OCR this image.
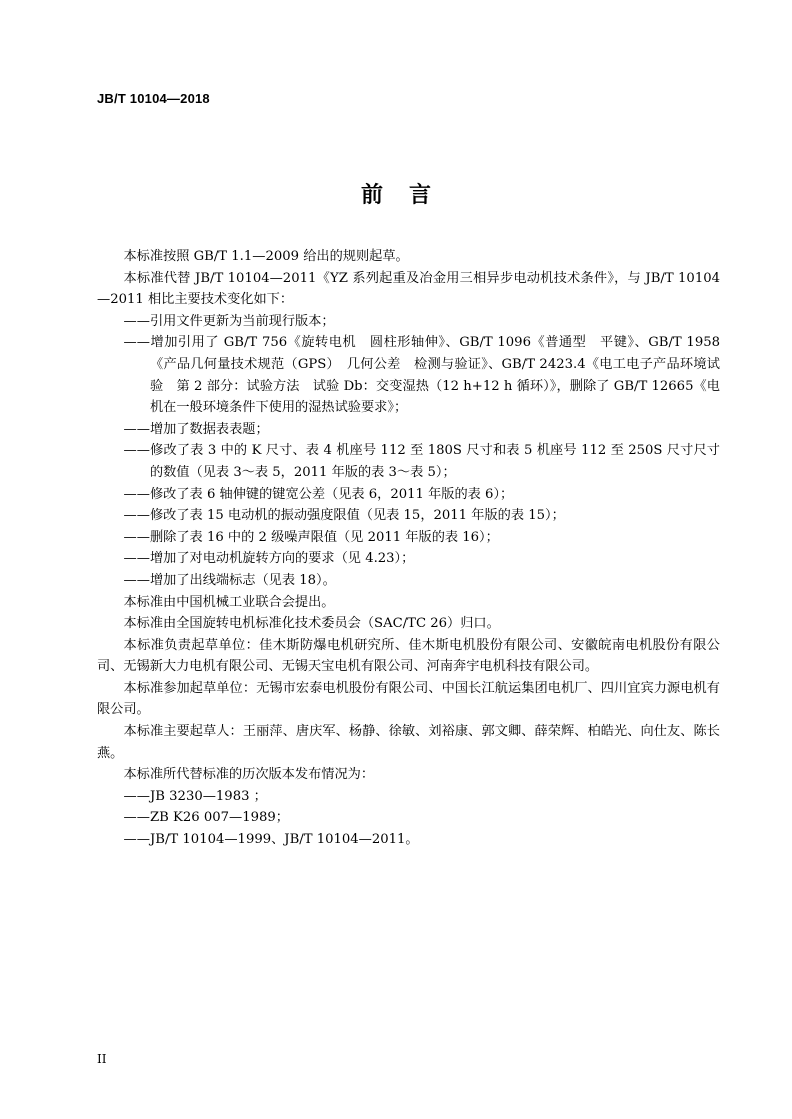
JB/T 10104—2018
前言

本标准按照 GB/T 1.1—2009 给出的规则起草。

本标准代替 JB/T 10104—2011《YZ 系列起重及冶金用三相异步电动机技术条件》，与 JB/T 10104—2011 相比主要技术变化如下：

——引用文件更新为当前现行版本；

——增加引用了 GB/T 756《旋转电机　圆柱形轴伸》、GB/T 1096《普通型　平键》、GB/T 1958《产品几何量技术规范（GPS）　几何公差　检测与验证》、GB/T 2423.4《电工电子产品环境试验　第 2 部分：试验方法　试验 Db：交变湿热（12 h+12 h 循环）》，删除了 GB/T 12665《电机在一般环境条件下使用的湿热试验要求》；

——增加了数据表表题；

——修改了表 3 中的 K 尺寸、表 4 机座号 112 至 180S 尺寸和表 5 机座号 112 至 250S 尺寸尺寸的数值（见表 3～表 5，2011 年版的表 3～表 5）；

——修改了表 6 轴伸键的键宽公差（见表 6，2011 年版的表 6）；

——修改了表 15 电动机的振动强度限值（见表 15，2011 年版的表 15）；

——删除了表 16 中的 2 级噪声限值（见 2011 年版的表 16）；

——增加了对电动机旋转方向的要求（见 4.23）；

——增加了出线端标志（见表 18）。

本标准由中国机械工业联合会提出。

本标准由全国旋转电机标准化技术委员会（SAC/TC 26）归口。

本标准负责起草单位：佳木斯防爆电机研究所、佳木斯电机股份有限公司、安徽皖南电机股份有限公司、无锡新大力电机有限公司、无锡天宝电机有限公司、河南奔宇电机科技有限公司。

本标准参加起草单位：无锡市宏泰电机股份有限公司、中国长江航运集团电机厂、四川宜宾力源电机有限公司。

本标准主要起草人：王丽萍、唐庆军、杨静、徐敏、刘裕康、郭文卿、薛荣辉、柏皓光、向仕友、陈长燕。

本标准所代替标准的历次版本发布情况为：

——JB 3230—1983 ；

——ZB K26 007—1989；

——JB/T 10104—1999、JB/T 10104—2011。

II
